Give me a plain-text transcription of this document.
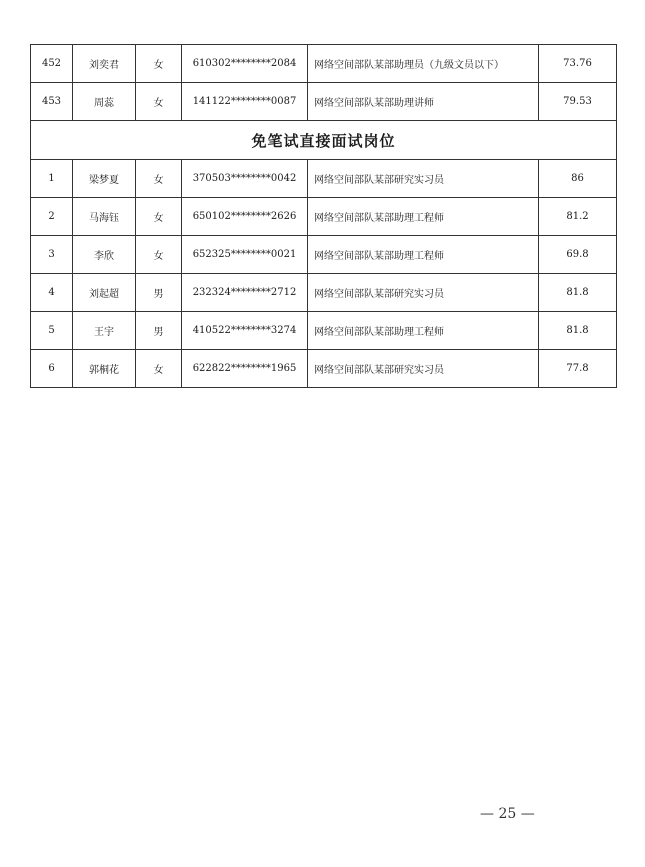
452	刘奕君	女	610302********2084	网络空间部队某部助理员（九级文员以下）	73.76
453	周蕊	女	141122********0087	网络空间部队某部助理讲师	79.53
免笔试直接面试岗位					
1	梁梦夏	女	370503********0042	网络空间部队某部研究实习员	86
2	马海钰	女	650102********2626	网络空间部队某部助理工程师	81.2
3	李欣	女	652325********0021	网络空间部队某部助理工程师	69.8
4	刘起超	男	232324********2712	网络空间部队某部研究实习员	81.8
5	王宇	男	410522********3274	网络空间部队某部助理工程师	81.8
6	郭桐花	女	622822********1965	网络空间部队某部研究实习员	77.8
— 25 —
